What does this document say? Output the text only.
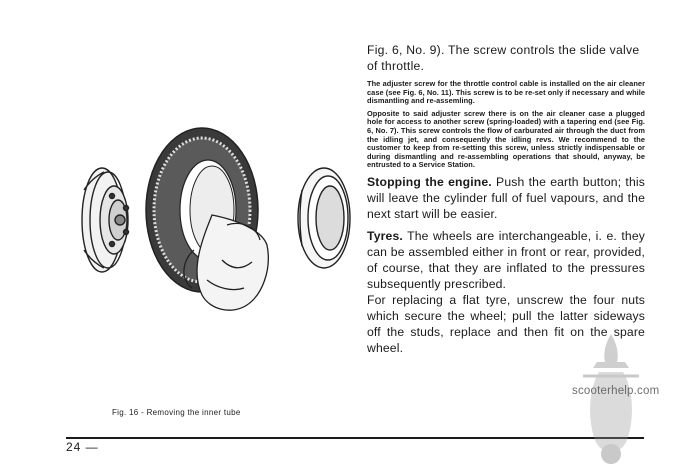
Fig. 16 - Removing the inner tube

Fig. 6, No. 9). The screw controls the slide valve of throttle.

The adjuster screw for the throttle control cable is installed on the air cleaner case (see Fig. 6, No. 11). This screw is to be re-set only if necessary and while dismantling and re-assemling.

Opposite to said adjuster screw there is on the air cleaner case a plugged hole for access to another screw (spring-loaded) with a tapering end (see Fig. 6, No. 7). This screw controls the flow of carburated air through the duct from the idling jet, and consequently the idling revs. We recommend to the customer to keep from re-setting this screw, unless strictly indispensable or during dismantling and re-assembling operations that should, anyway, be entrusted to a Service Station.

Stopping the engine. Push the earth button; this will leave the cylinder full of fuel vapours, and the next start will be easier.

Tyres. The wheels are interchangeable, i. e. they can be assembled either in front or rear, provided, of course, that they are inflated to the pressures subsequently prescribed.

For replacing a flat tyre, unscrew the four nuts which secure the wheel; pull the latter sideways off the studs, replace and then fit on the spare wheel.

24 —
scooterhelp.com
